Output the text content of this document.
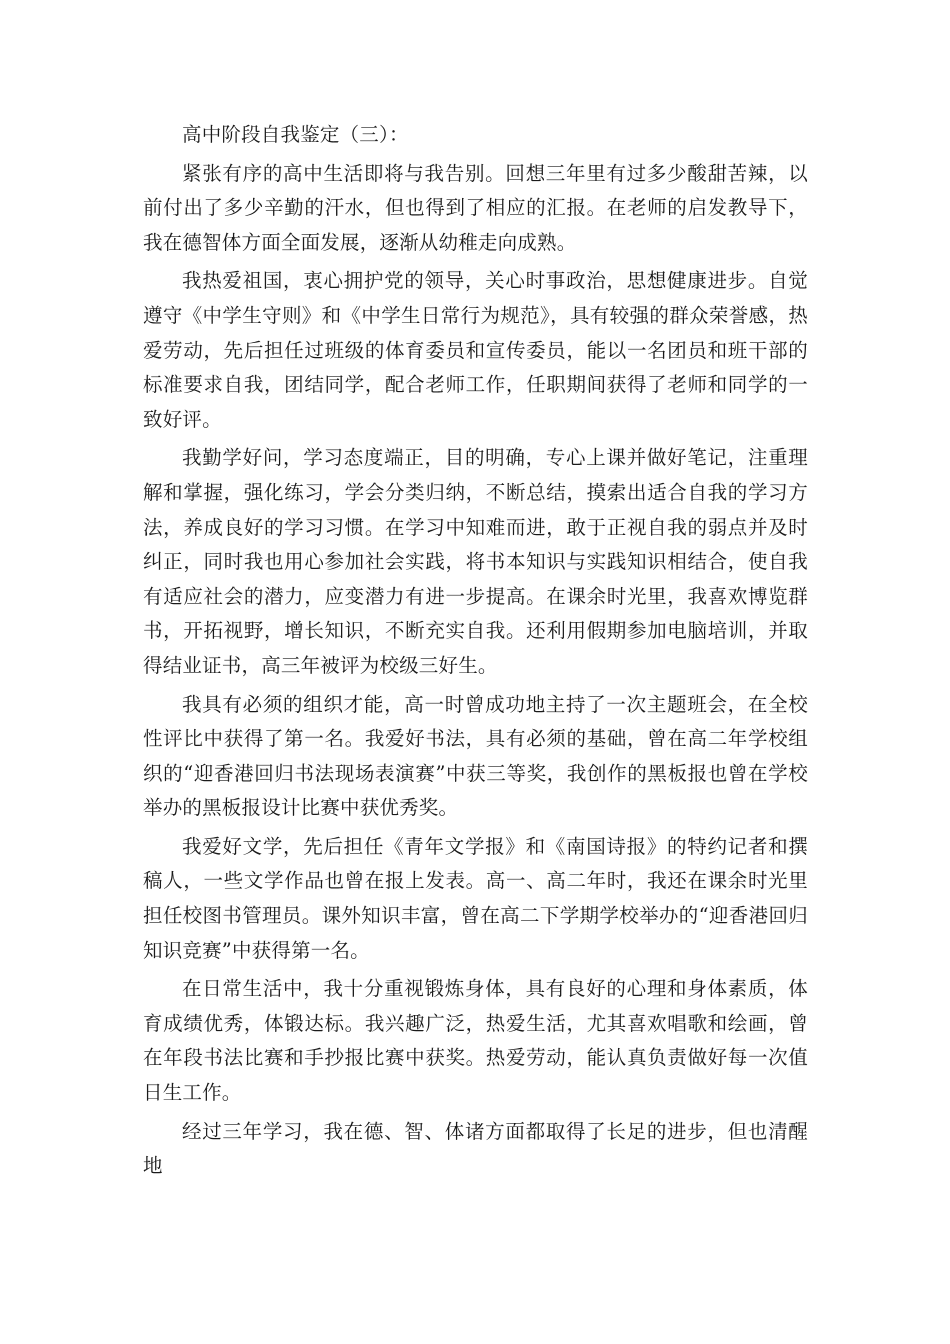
高中阶段自我鉴定（三）：

紧张有序的高中生活即将与我告别。回想三年里有过多少酸甜苦辣，以前付出了多少辛勤的汗水，但也得到了相应的汇报。在老师的启发教导下，我在德智体方面全面发展，逐渐从幼稚走向成熟。

我热爱祖国，衷心拥护党的领导，关心时事政治，思想健康进步。自觉遵守《中学生守则》和《中学生日常行为规范》，具有较强的群众荣誉感，热爱劳动，先后担任过班级的体育委员和宣传委员，能以一名团员和班干部的标准要求自我，团结同学，配合老师工作，任职期间获得了老师和同学的一致好评。

我勤学好问，学习态度端正，目的明确，专心上课并做好笔记，注重理解和掌握，强化练习，学会分类归纳，不断总结，摸索出适合自我的学习方法，养成良好的学习习惯。在学习中知难而进，敢于正视自我的弱点并及时纠正，同时我也用心参加社会实践，将书本知识与实践知识相结合，使自我有适应社会的潜力，应变潜力有进一步提高。在课余时光里，我喜欢博览群书，开拓视野，增长知识，不断充实自我。还利用假期参加电脑培训，并取得结业证书，高三年被评为校级三好生。

我具有必须的组织才能，高一时曾成功地主持了一次主题班会，在全校性评比中获得了第一名。我爱好书法，具有必须的基础，曾在高二年学校组织的“迎香港回归书法现场表演赛”中获三等奖，我创作的黑板报也曾在学校举办的黑板报设计比赛中获优秀奖。

我爱好文学，先后担任《青年文学报》和《南国诗报》的特约记者和撰稿人，一些文学作品也曾在报上发表。高一、高二年时，我还在课余时光里担任校图书管理员。课外知识丰富，曾在高二下学期学校举办的“迎香港回归知识竞赛”中获得第一名。

在日常生活中，我十分重视锻炼身体，具有良好的心理和身体素质，体育成绩优秀，体锻达标。我兴趣广泛，热爱生活，尤其喜欢唱歌和绘画，曾在年段书法比赛和手抄报比赛中获奖。热爱劳动，能认真负责做好每一次值日生工作。

经过三年学习，我在德、智、体诸方面都取得了长足的进步，但也清醒地
